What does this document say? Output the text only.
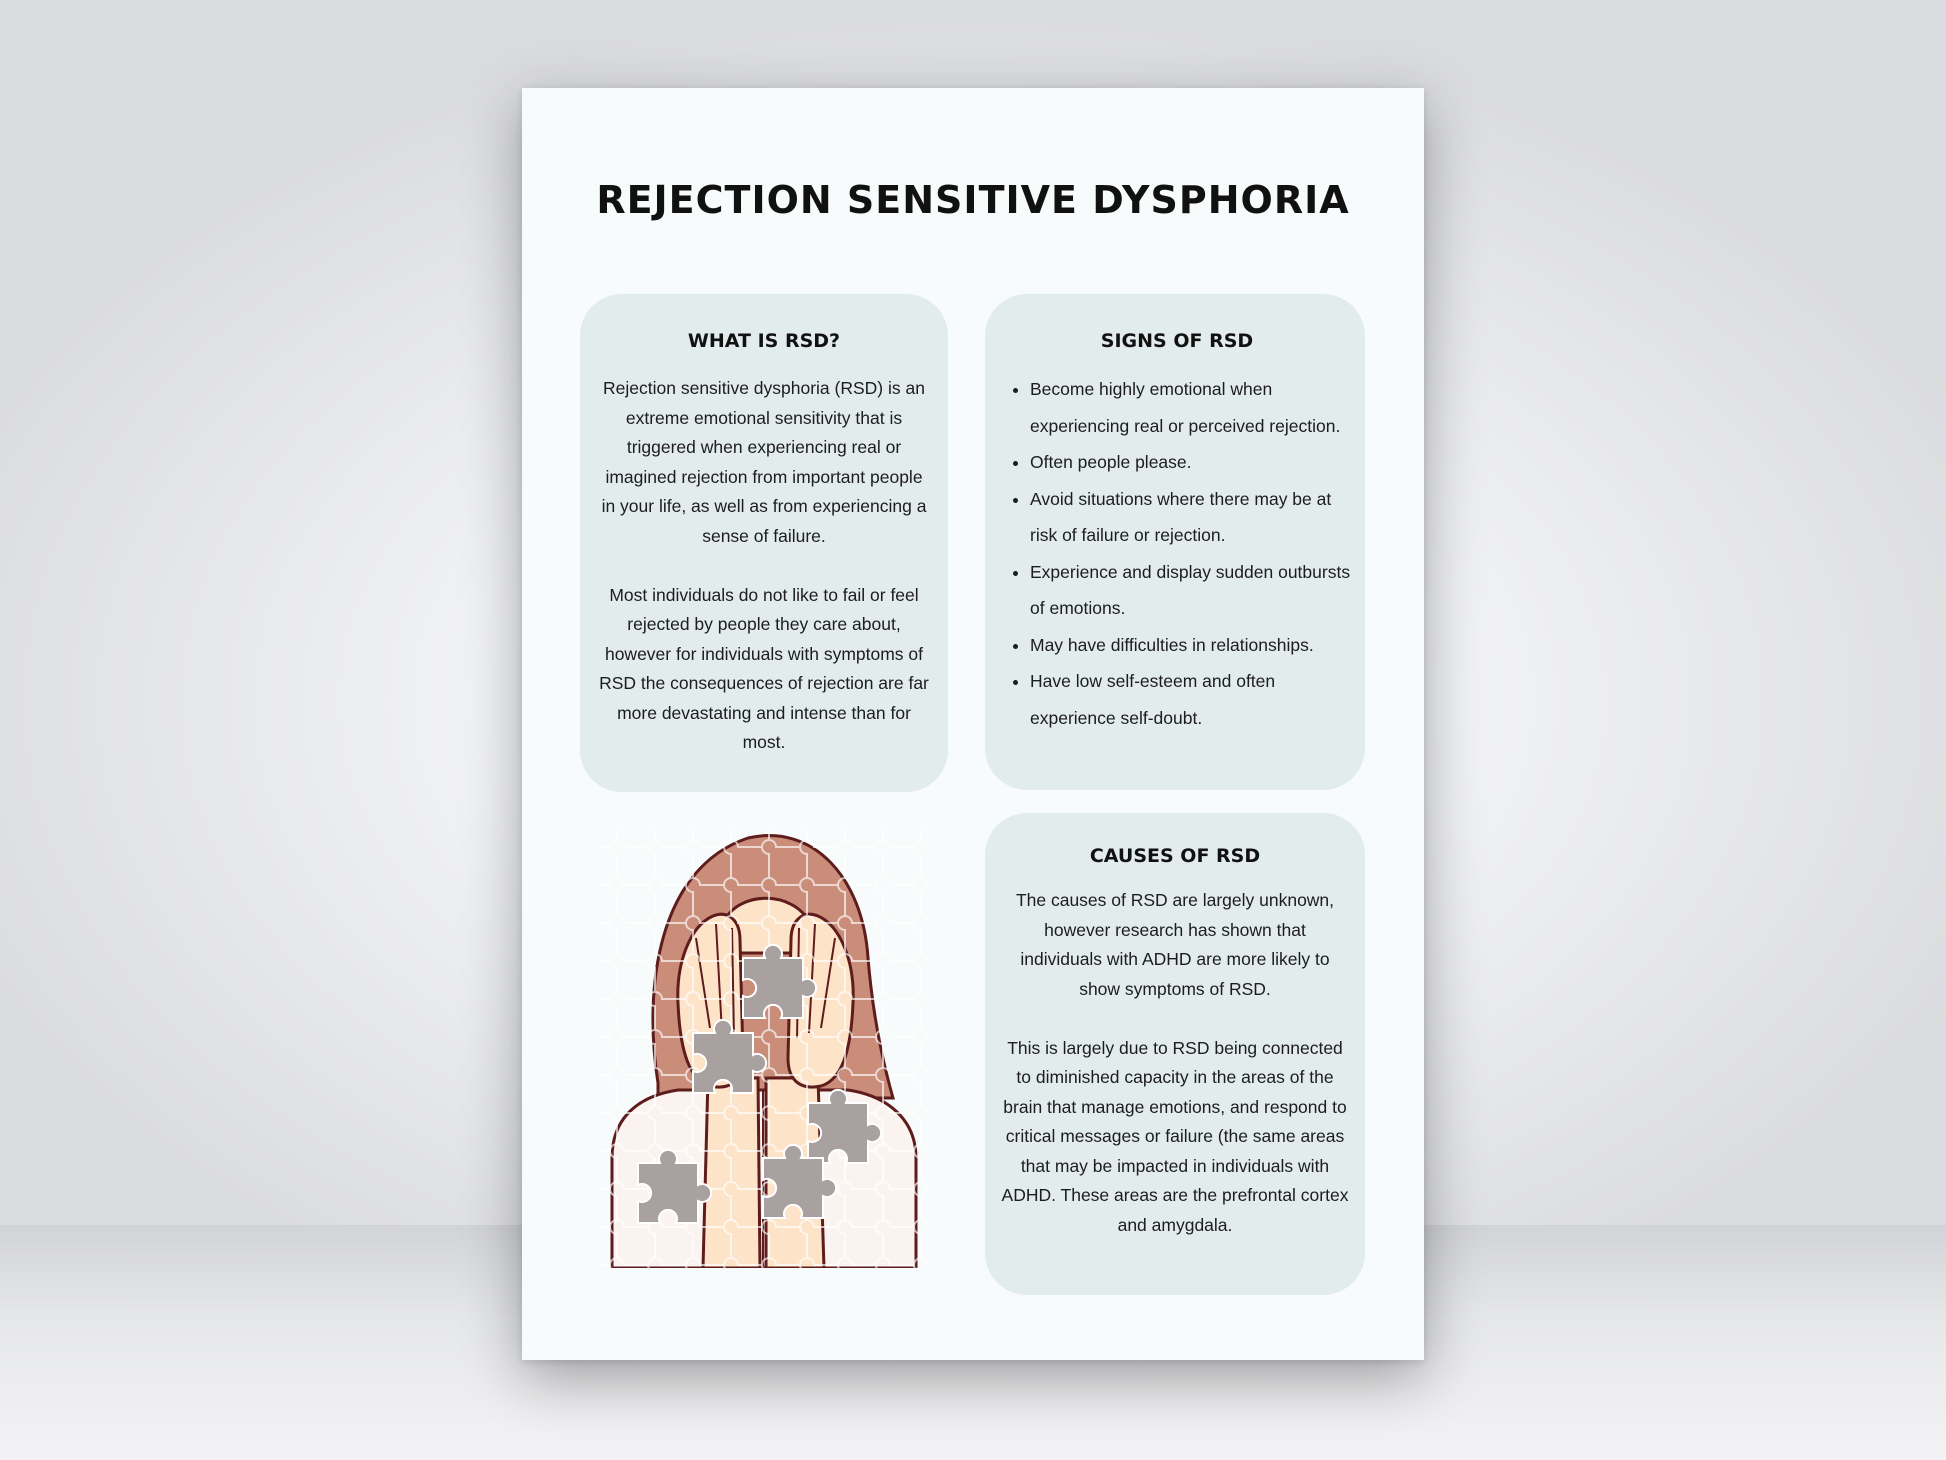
REJECTION SENSITIVE DYSPHORIA
WHAT IS RSD?

Rejection sensitive dysphoria (RSD) is an extreme emotional sensitivity that is triggered when experiencing real or imagined rejection from important people in your life, as well as from experiencing a sense of failure.

Most individuals do not like to fail or feel rejected by people they care about, however for individuals with symptoms of RSD the consequences of rejection are far more devastating and intense than for most.

SIGNS OF RSD
• Become highly emotional when experiencing real or perceived rejection.
• Often people please.
• Avoid situations where there may be at risk of failure or rejection.
• Experience and display sudden outbursts of emotions.
• May have difficulties in relationships.
• Have low self-esteem and often experience self-doubt.
CAUSES OF RSD

The causes of RSD are largely unknown, however research has shown that individuals with ADHD are more likely to show symptoms of RSD.

This is largely due to RSD being connected to diminished capacity in the areas of the brain that manage emotions, and respond to critical messages or failure (the same areas that may be impacted in individuals with ADHD. These areas are the prefrontal cortex and amygdala.
